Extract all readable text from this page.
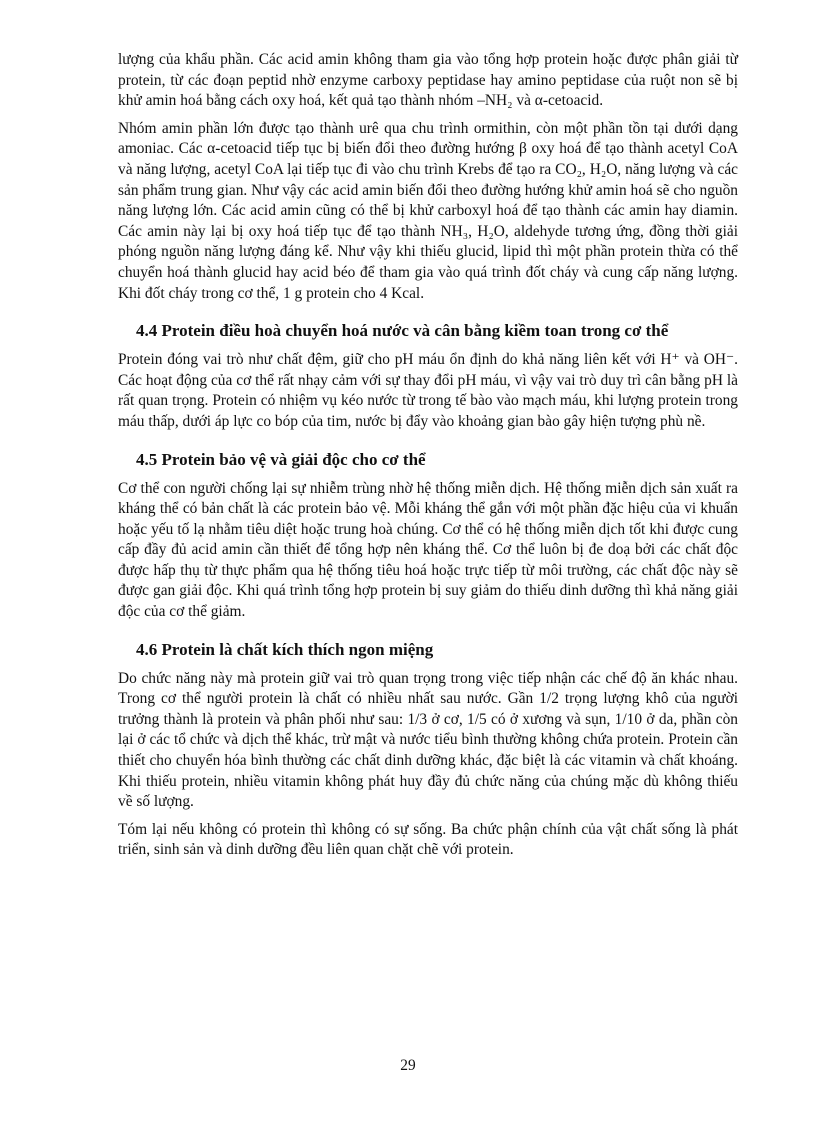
lượng của khẩu phần. Các acid amin không tham gia vào tổng hợp protein hoặc được phân giải từ protein, từ các đoạn peptid nhờ enzyme carboxy peptidase hay amino peptidase của ruột non sẽ bị khử amin hoá bằng cách oxy hoá, kết quả tạo thành nhóm –NH₂ và α-cetoacid.

Nhóm amin phần lớn được tạo thành urê qua chu trình ormithin, còn một phần tồn tại dưới dạng amoniac. Các α-cetoacid tiếp tục bị biến đổi theo đường hướng β oxy hoá để tạo thành acetyl CoA và năng lượng, acetyl CoA lại tiếp tục đi vào chu trình Krebs để tạo ra CO₂, H₂O, năng lượng và các sản phẩm trung gian. Như vậy các acid amin biến đổi theo đường hướng khử amin hoá sẽ cho nguồn năng lượng lớn. Các acid amin cũng có thể bị khử carboxyl hoá để tạo thành các amin hay diamin. Các amin này lại bị oxy hoá tiếp tục để tạo thành NH₃, H₂O, aldehyde tương ứng, đồng thời giải phóng nguồn năng lượng đáng kể. Như vậy khi thiếu glucid, lipid thì một phần protein thừa có thể chuyển hoá thành glucid hay acid béo để tham gia vào quá trình đốt cháy và cung cấp năng lượng. Khi đốt cháy trong cơ thể, 1 g protein cho 4 Kcal.

4.4 Protein điều hoà chuyển hoá nước và cân bằng kiềm toan trong cơ thể

Protein đóng vai trò như chất đệm, giữ cho pH máu ổn định do khả năng liên kết với H⁺ và OH⁻. Các hoạt động của cơ thể rất nhạy cảm với sự thay đổi pH máu, vì vậy vai trò duy trì cân bằng pH là rất quan trọng. Protein có nhiệm vụ kéo nước từ trong tế bào vào mạch máu, khi lượng protein trong máu thấp, dưới áp lực co bóp của tim, nước bị đẩy vào khoảng gian bào gây hiện tượng phù nề.

4.5 Protein bảo vệ và giải độc cho cơ thể

Cơ thể con người chống lại sự nhiễm trùng nhờ hệ thống miễn dịch. Hệ thống miễn dịch sản xuất ra kháng thể có bản chất là các protein bảo vệ. Mỗi kháng thể gắn với một phần đặc hiệu của vi khuẩn hoặc yếu tố lạ nhằm tiêu diệt hoặc trung hoà chúng. Cơ thể có hệ thống miễn dịch tốt khi được cung cấp đầy đủ acid amin cần thiết để tổng hợp nên kháng thể. Cơ thể luôn bị đe doạ bởi các chất độc được hấp thụ từ thực phẩm qua hệ thống tiêu hoá hoặc trực tiếp từ môi trường, các chất độc này sẽ được gan giải độc. Khi quá trình tổng hợp protein bị suy giảm do thiếu dinh dưỡng thì khả năng giải độc của cơ thể giảm.

4.6 Protein là chất kích thích ngon miệng

Do chức năng này mà protein giữ vai trò quan trọng trong việc tiếp nhận các chế độ ăn khác nhau. Trong cơ thể người protein là chất có nhiều nhất sau nước. Gần 1/2 trọng lượng khô của người trưởng thành là protein và phân phối như sau: 1/3 ở cơ, 1/5 có ở xương và sụn, 1/10 ở da, phần còn lại ở các tổ chức và dịch thể khác, trừ mật và nước tiểu bình thường không chứa protein. Protein cần thiết cho chuyển hóa bình thường các chất dinh dưỡng khác, đặc biệt là các vitamin và chất khoáng. Khi thiếu protein, nhiều vitamin không phát huy đầy đủ chức năng của chúng mặc dù không thiếu về số lượng.

Tóm lại nếu không có protein thì không có sự sống. Ba chức phận chính của vật chất sống là phát triển, sinh sản và dinh dưỡng đều liên quan chặt chẽ với protein.

29
